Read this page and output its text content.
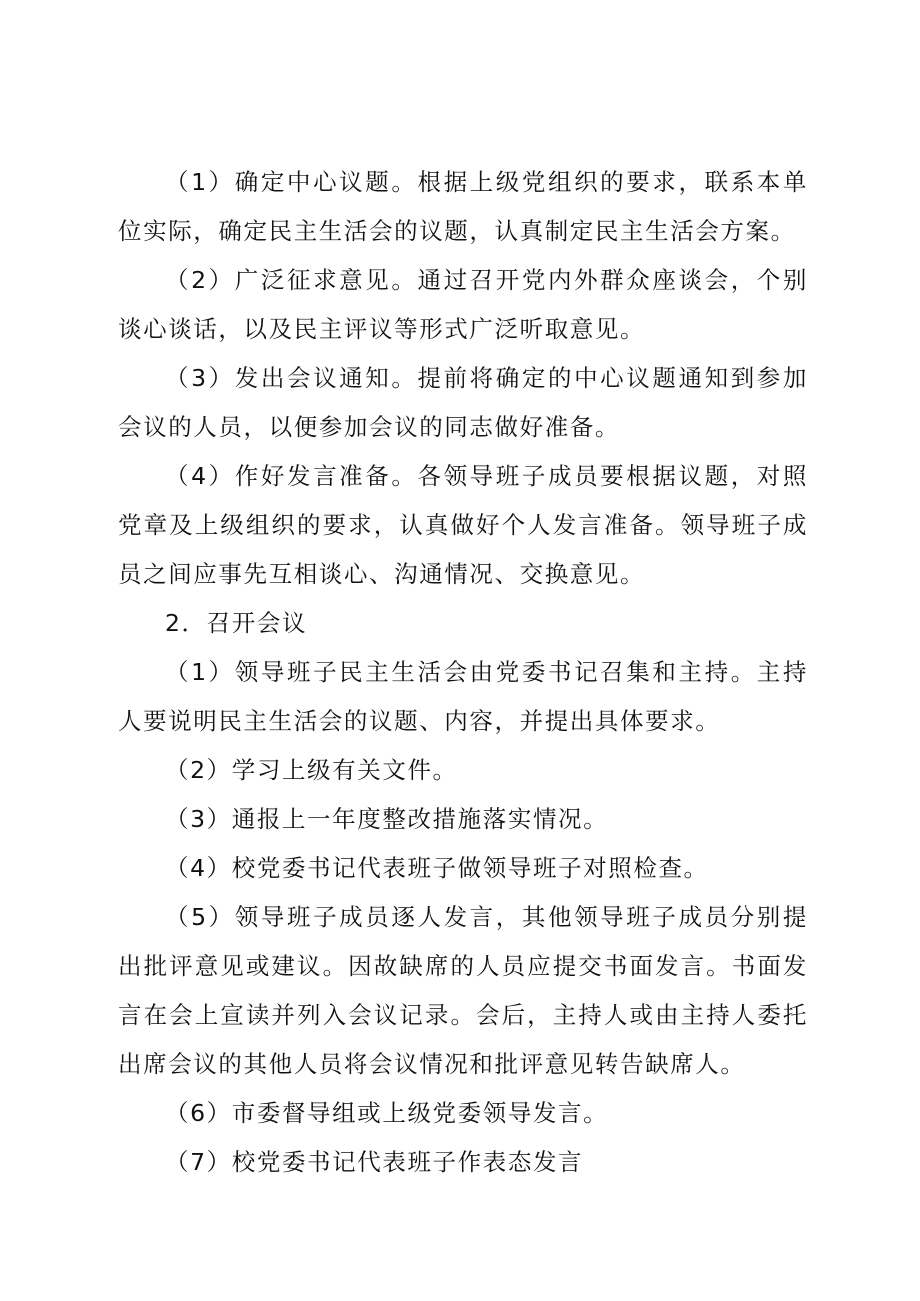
（1）确定中心议题。根据上级党组织的要求，联系本单位实际，确定民主生活会的议题，认真制定民主生活会方案。

（2）广泛征求意见。通过召开党内外群众座谈会，个别谈心谈话，以及民主评议等形式广泛听取意见。

（3）发出会议通知。提前将确定的中心议题通知到参加会议的人员，以便参加会议的同志做好准备。

（4）作好发言准备。各领导班子成员要根据议题，对照党章及上级组织的要求，认真做好个人发言准备。领导班子成员之间应事先互相谈心、沟通情况、交换意见。

2．召开会议

（1）领导班子民主生活会由党委书记召集和主持。主持人要说明民主生活会的议题、内容，并提出具体要求。

（2）学习上级有关文件。

（3）通报上一年度整改措施落实情况。

（4）校党委书记代表班子做领导班子对照检查。

（5）领导班子成员逐人发言，其他领导班子成员分别提出批评意见或建议。因故缺席的人员应提交书面发言。书面发言在会上宣读并列入会议记录。会后，主持人或由主持人委托出席会议的其他人员将会议情况和批评意见转告缺席人。

（6）市委督导组或上级党委领导发言。

（7）校党委书记代表班子作表态发言
